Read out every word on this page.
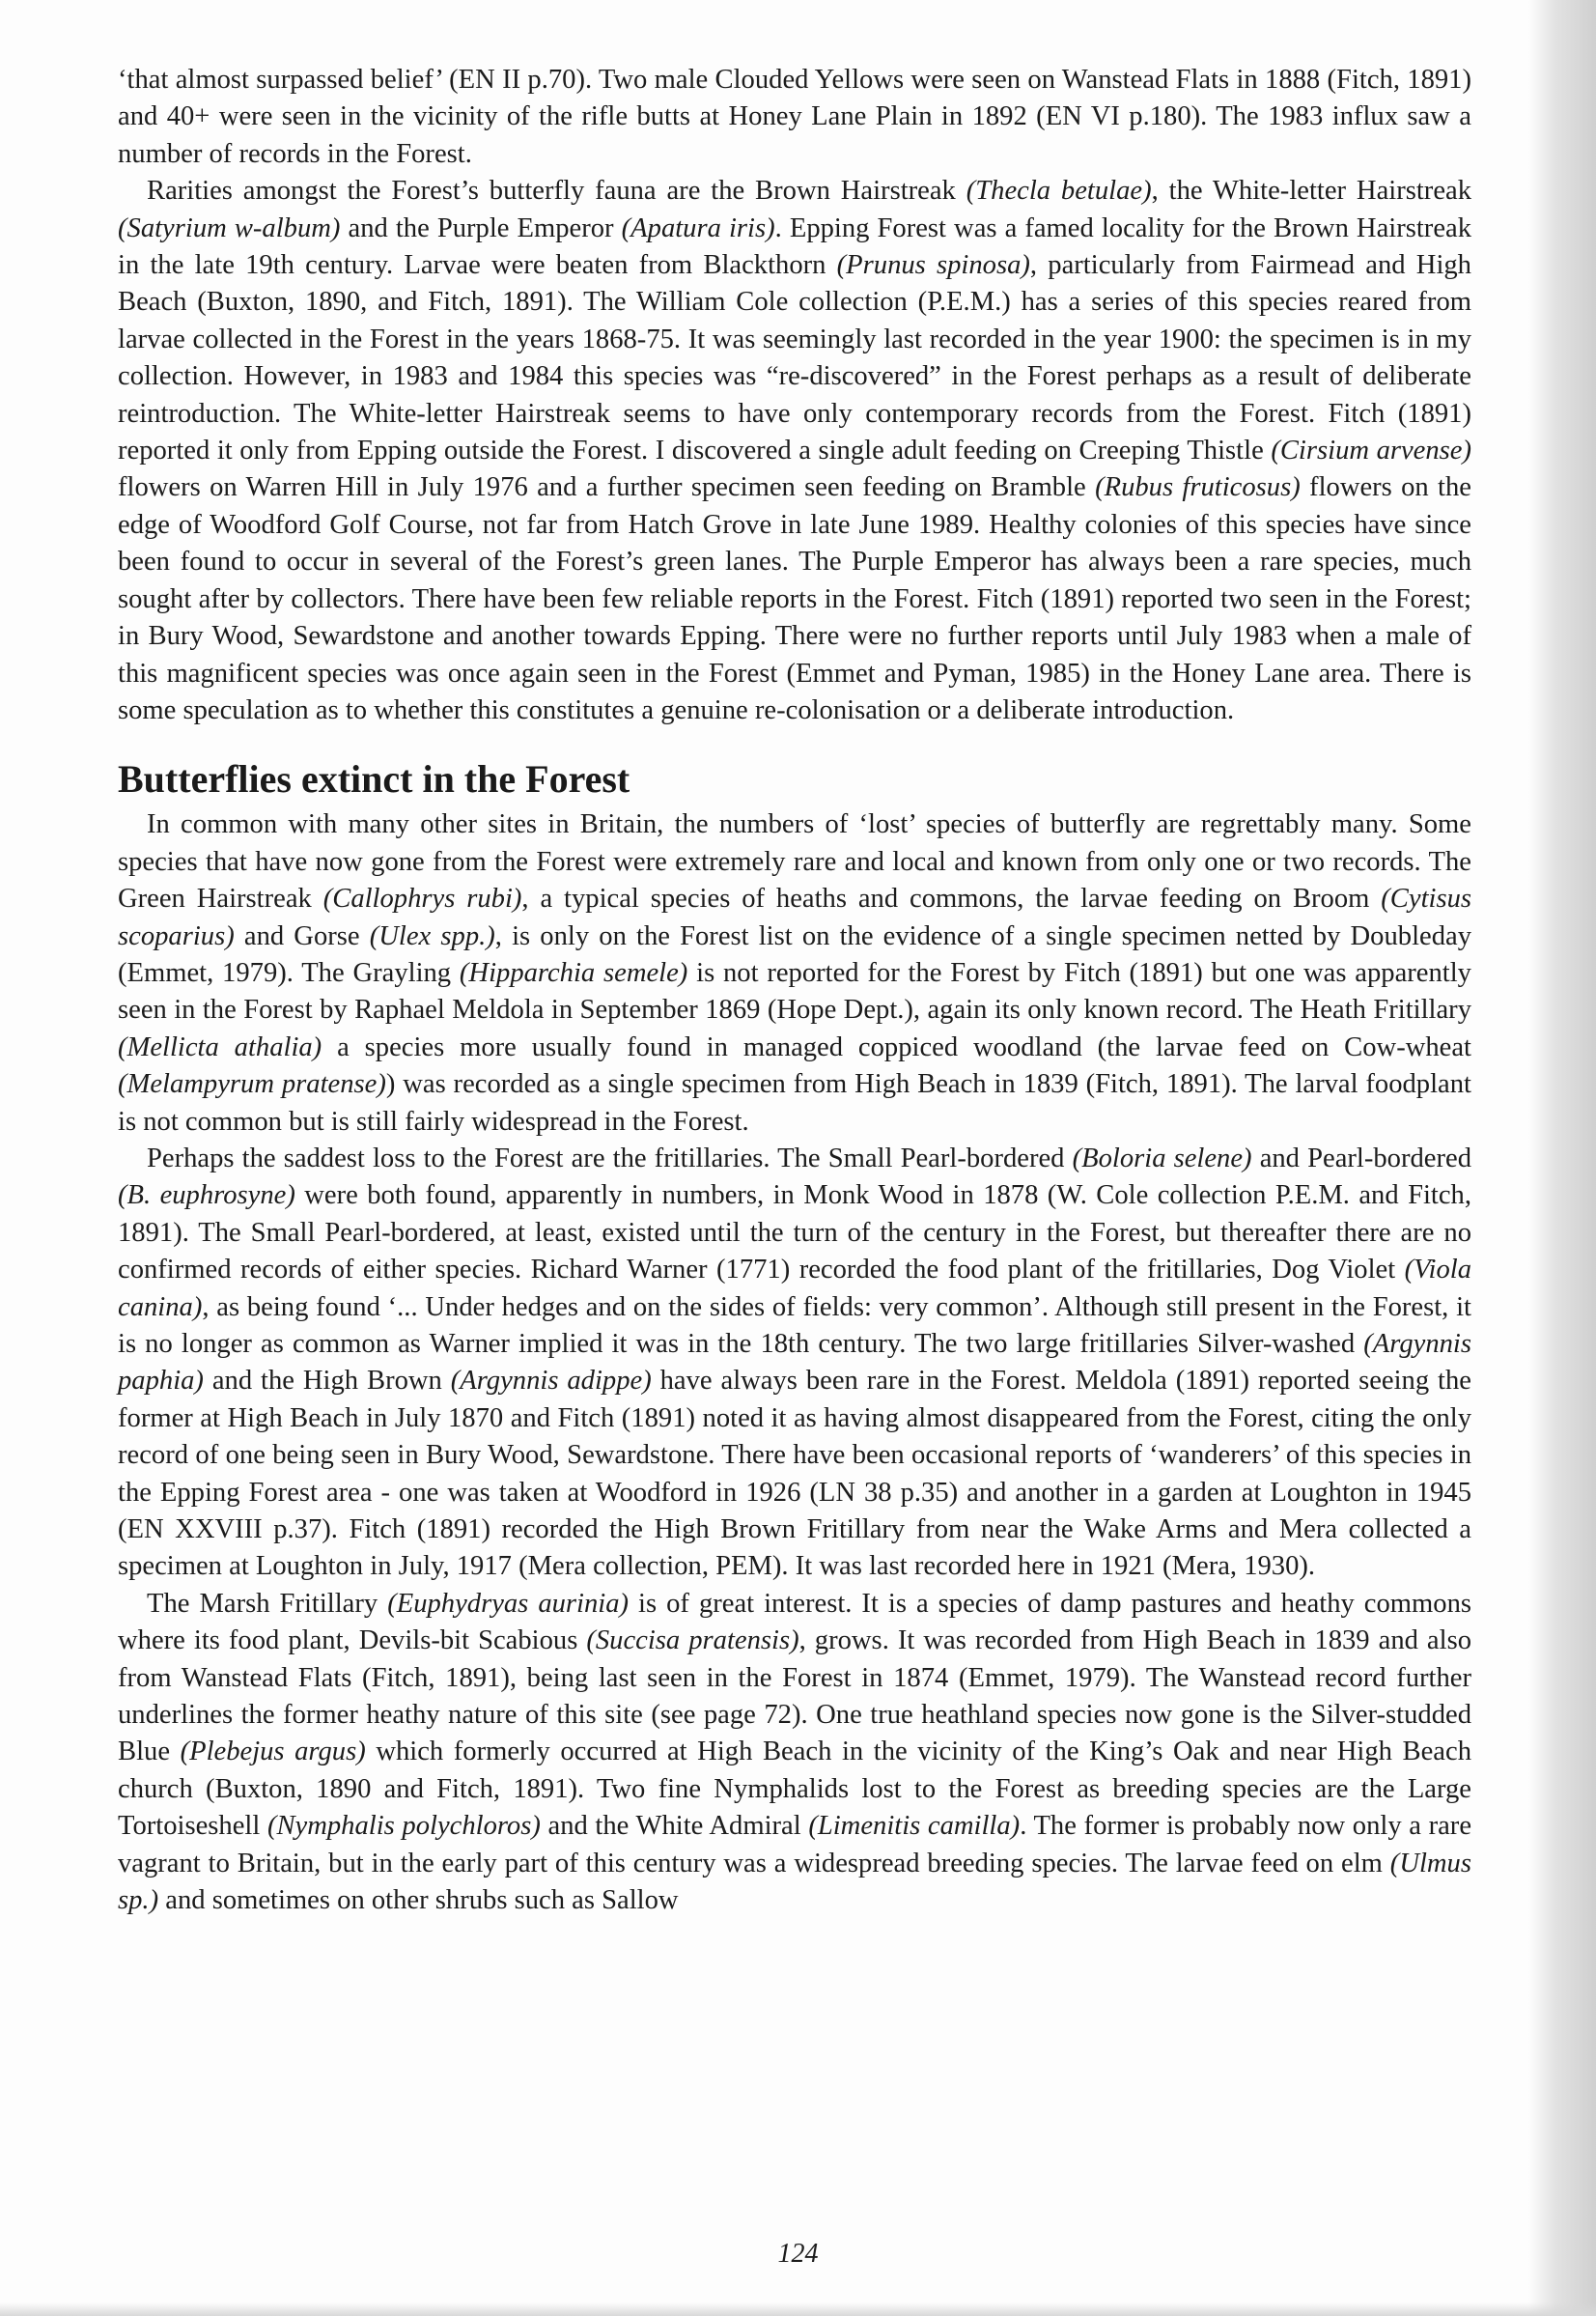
‘that almost surpassed belief’ (EN II p.70). Two male Clouded Yellows were seen on Wanstead Flats in 1888 (Fitch, 1891) and 40+ were seen in the vicinity of the rifle butts at Honey Lane Plain in 1892 (EN VI p.180). The 1983 influx saw a number of records in the Forest.

Rarities amongst the Forest’s butterfly fauna are the Brown Hairstreak (Thecla betulae), the White-letter Hairstreak (Satyrium w-album) and the Purple Emperor (Apatura iris). Epping Forest was a famed locality for the Brown Hairstreak in the late 19th century. Larvae were beaten from Blackthorn (Prunus spinosa), particularly from Fairmead and High Beach (Buxton, 1890, and Fitch, 1891). The William Cole collection (P.E.M.) has a series of this species reared from larvae collected in the Forest in the years 1868-75. It was seemingly last recorded in the year 1900: the specimen is in my collection. However, in 1983 and 1984 this species was “re-discovered” in the Forest perhaps as a result of deliberate reintroduction. The White-letter Hairstreak seems to have only contemporary records from the Forest. Fitch (1891) reported it only from Epping outside the Forest. I discovered a single adult feeding on Creeping Thistle (Cirsium arvense) flowers on Warren Hill in July 1976 and a further specimen seen feeding on Bramble (Rubus fruticosus) flowers on the edge of Woodford Golf Course, not far from Hatch Grove in late June 1989. Healthy colonies of this species have since been found to occur in several of the Forest’s green lanes. The Purple Emperor has always been a rare species, much sought after by collectors. There have been few reliable reports in the Forest. Fitch (1891) reported two seen in the Forest; in Bury Wood, Sewardstone and another towards Epping. There were no further reports until July 1983 when a male of this magnificent species was once again seen in the Forest (Emmet and Pyman, 1985) in the Honey Lane area. There is some speculation as to whether this constitutes a genuine re-colonisation or a deliberate introduction.

Butterflies extinct in the Forest

In common with many other sites in Britain, the numbers of ‘lost’ species of butterfly are regrettably many. Some species that have now gone from the Forest were extremely rare and local and known from only one or two records. The Green Hairstreak (Callophrys rubi), a typical species of heaths and commons, the larvae feeding on Broom (Cytisus scoparius) and Gorse (Ulex spp.), is only on the Forest list on the evidence of a single specimen netted by Doubleday (Emmet, 1979). The Grayling (Hipparchia semele) is not reported for the Forest by Fitch (1891) but one was apparently seen in the Forest by Raphael Meldola in September 1869 (Hope Dept.), again its only known record. The Heath Fritillary (Mellicta athalia) a species more usually found in managed coppiced woodland (the larvae feed on Cow-wheat (Melampyrum pratense)) was recorded as a single specimen from High Beach in 1839 (Fitch, 1891). The larval foodplant is not common but is still fairly widespread in the Forest.

Perhaps the saddest loss to the Forest are the fritillaries. The Small Pearl-bordered (Boloria selene) and Pearl-bordered (B. euphrosyne) were both found, apparently in numbers, in Monk Wood in 1878 (W. Cole collection P.E.M. and Fitch, 1891). The Small Pearl-bordered, at least, existed until the turn of the century in the Forest, but thereafter there are no confirmed records of either species. Richard Warner (1771) recorded the food plant of the fritillaries, Dog Violet (Viola canina), as being found ‘... Under hedges and on the sides of fields: very common’. Although still present in the Forest, it is no longer as common as Warner implied it was in the 18th century. The two large fritillaries Silver-washed (Argynnis paphia) and the High Brown (Argynnis adippe) have always been rare in the Forest. Meldola (1891) reported seeing the former at High Beach in July 1870 and Fitch (1891) noted it as having almost disappeared from the Forest, citing the only record of one being seen in Bury Wood, Sewardstone. There have been occasional reports of ‘wanderers’ of this species in the Epping Forest area - one was taken at Woodford in 1926 (LN 38 p.35) and another in a garden at Loughton in 1945 (EN XXVIII p.37). Fitch (1891) recorded the High Brown Fritillary from near the Wake Arms and Mera collected a specimen at Loughton in July, 1917 (Mera collection, PEM). It was last recorded here in 1921 (Mera, 1930).

The Marsh Fritillary (Euphydryas aurinia) is of great interest. It is a species of damp pastures and heathy commons where its food plant, Devils-bit Scabious (Succisa pratensis), grows. It was recorded from High Beach in 1839 and also from Wanstead Flats (Fitch, 1891), being last seen in the Forest in 1874 (Emmet, 1979). The Wanstead record further underlines the former heathy nature of this site (see page 72). One true heathland species now gone is the Silver-studded Blue (Plebejus argus) which formerly occurred at High Beach in the vicinity of the King’s Oak and near High Beach church (Buxton, 1890 and Fitch, 1891). Two fine Nymphalids lost to the Forest as breeding species are the Large Tortoiseshell (Nymphalis polychloros) and the White Admiral (Limenitis camilla). The former is probably now only a rare vagrant to Britain, but in the early part of this century was a widespread breeding species. The larvae feed on elm (Ulmus sp.) and sometimes on other shrubs such as Sallow

124
